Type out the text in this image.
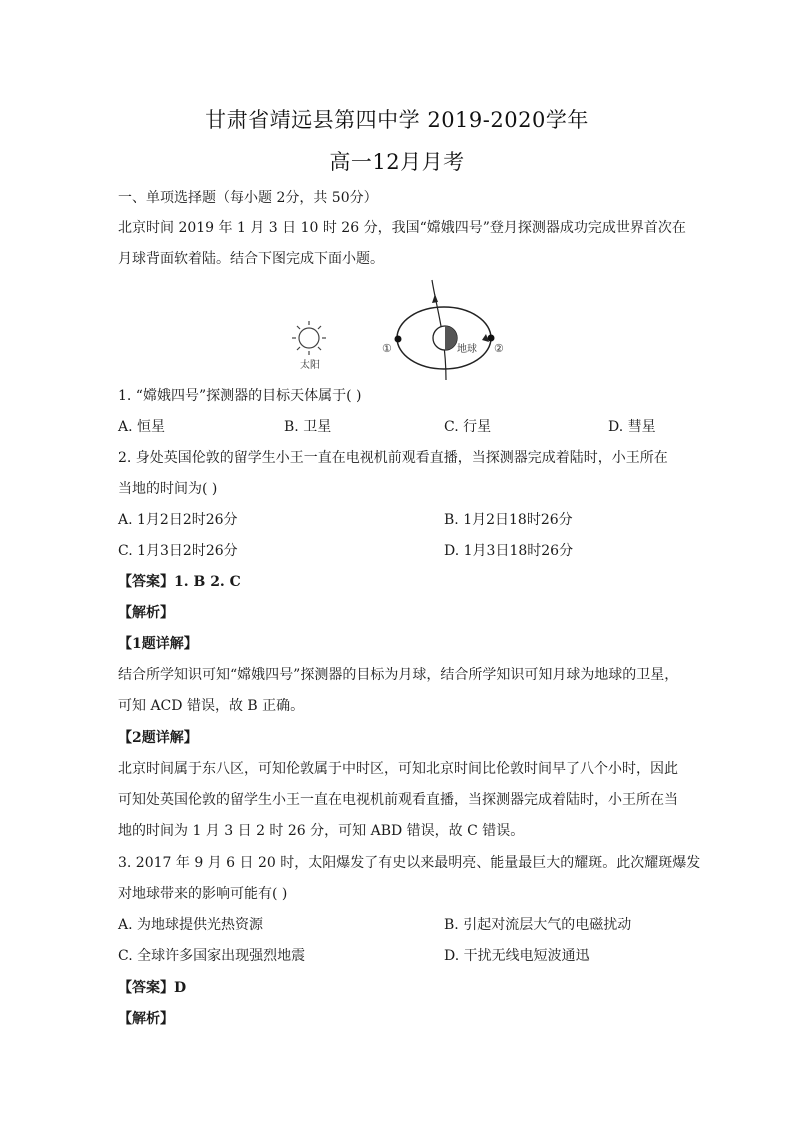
甘肃省靖远县第四中学 2019-2020学年
高一12月月考
一、单项选择题（每小题 2分，共 50分）
北京时间 2019 年 1 月 3 日 10 时 26 分，我国“嫦娥四号”登月探测器成功完成世界首次在
月球背面软着陆。结合下图完成下面小题。
太阳
地球
①	②
1. “嫦娥四号”探测器的目标天体属于( )
A. 恒星	B. 卫星	C. 行星	D. 彗星
2. 身处英国伦敦的留学生小王一直在电视机前观看直播，当探测器完成着陆时，小王所在
当地的时间为( )
A. 1月2日2时26分	B. 1月2日18时26分
C. 1月3日2时26分	D. 1月3日18时26分
【答案】1. B 2. C
【解析】
【1题详解】
结合所学知识可知“嫦娥四号”探测器的目标为月球，结合所学知识可知月球为地球的卫星，
可知 ACD 错误，故 B 正确。
【2题详解】
北京时间属于东八区，可知伦敦属于中时区，可知北京时间比伦敦时间早了八个小时，因此
可知处英国伦敦的留学生小王一直在电视机前观看直播，当探测器完成着陆时，小王所在当
地的时间为 1 月 3 日 2 时 26 分，可知 ABD 错误，故 C 错误。
3. 2017 年 9 月 6 日 20 时，太阳爆发了有史以来最明亮、能量最巨大的耀斑。此次耀斑爆发
对地球带来的影响可能有( )
A. 为地球提供光热资源	B. 引起对流层大气的电磁扰动
C. 全球许多国家出现强烈地震	D. 干扰无线电短波通迅
【答案】D
【解析】
